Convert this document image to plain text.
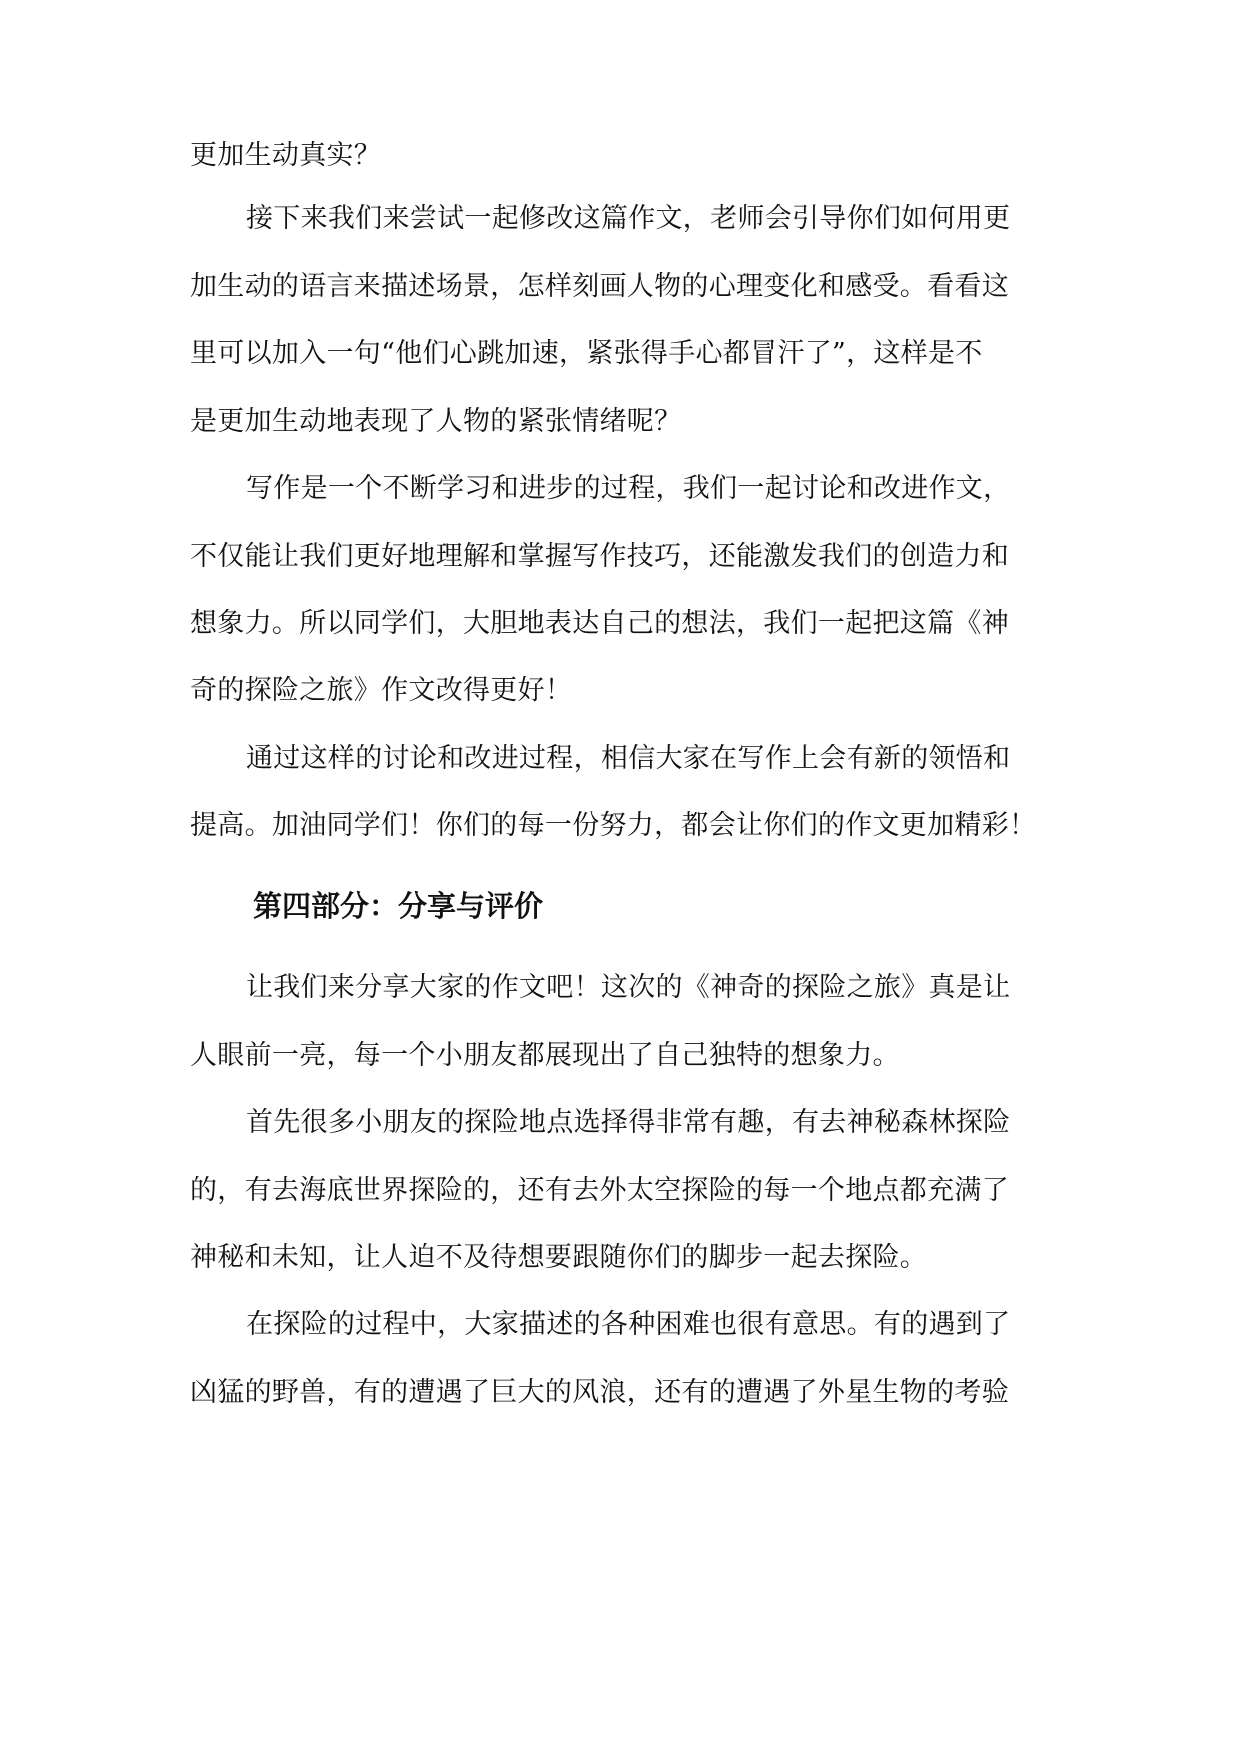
更加生动真实？
接下来我们来尝试一起修改这篇作文，老师会引导你们如何用更
加生动的语言来描述场景，怎样刻画人物的心理变化和感受。看看这
里可以加入一句“他们心跳加速，紧张得手心都冒汗了”，这样是不
是更加生动地表现了人物的紧张情绪呢？
写作是一个不断学习和进步的过程，我们一起讨论和改进作文，
不仅能让我们更好地理解和掌握写作技巧，还能激发我们的创造力和
想象力。所以同学们，大胆地表达自己的想法，我们一起把这篇《神
奇的探险之旅》作文改得更好！
通过这样的讨论和改进过程，相信大家在写作上会有新的领悟和
提高。加油同学们！你们的每一份努力，都会让你们的作文更加精彩！
第四部分：分享与评价
让我们来分享大家的作文吧！这次的《神奇的探险之旅》真是让
人眼前一亮，每一个小朋友都展现出了自己独特的想象力。
首先很多小朋友的探险地点选择得非常有趣，有去神秘森林探险
的，有去海底世界探险的，还有去外太空探险的每一个地点都充满了
神秘和未知，让人迫不及待想要跟随你们的脚步一起去探险。
在探险的过程中，大家描述的各种困难也很有意思。有的遇到了
凶猛的野兽，有的遭遇了巨大的风浪，还有的遭遇了外星生物的考验
